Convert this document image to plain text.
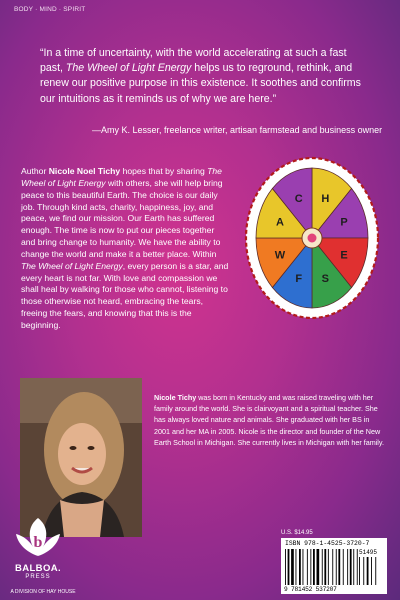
BODY · MIND · SPIRIT
“In a time of uncertainty, with the world accelerating at such a fast past, The Wheel of Light Energy helps us to reground, rethink, and renew our positive purpose in this existence. It soothes and confirms our intuitions as it reminds us of why we are here.”
—Amy K. Lesser, freelance writer, artisan farmstead and business owner
Author Nicole Noel Tichy hopes that by sharing The Wheel of Light Energy with others, she will help bring peace to this beautiful Earth. The choice is our daily job. Through kind acts, charity, happiness, joy, and peace, we find our mission. Our Earth has suffered enough. The time is now to put our pieces together and bring change to humanity. We have the ability to change the world and make it a better place. Within The Wheel of Light Energy, every person is a star, and every heart is not far. With love and compassion we shall heal by walking for those who cannot, listening to those otherwise not heard, embracing the tears, freeing the fears, and knowing that this is the beginning.
H
P
E
S
F
W
A
C
Nicole Tichy was born in Kentucky and was raised traveling with her family around the world. She is clairvoyant and a spiritual teacher. She has always loved nature and animals. She graduated with her BS in 2001 and her MA in 2005. Nicole is the director and founder of the New Earth School in Michigan. She currently lives in Michigan with her family.
U.S. $14.95
ISBN 978-1-4525-3720-7
51495
9 781452 537207
b
BALBOA.
PRESS
A DIVISION OF HAY HOUSE
